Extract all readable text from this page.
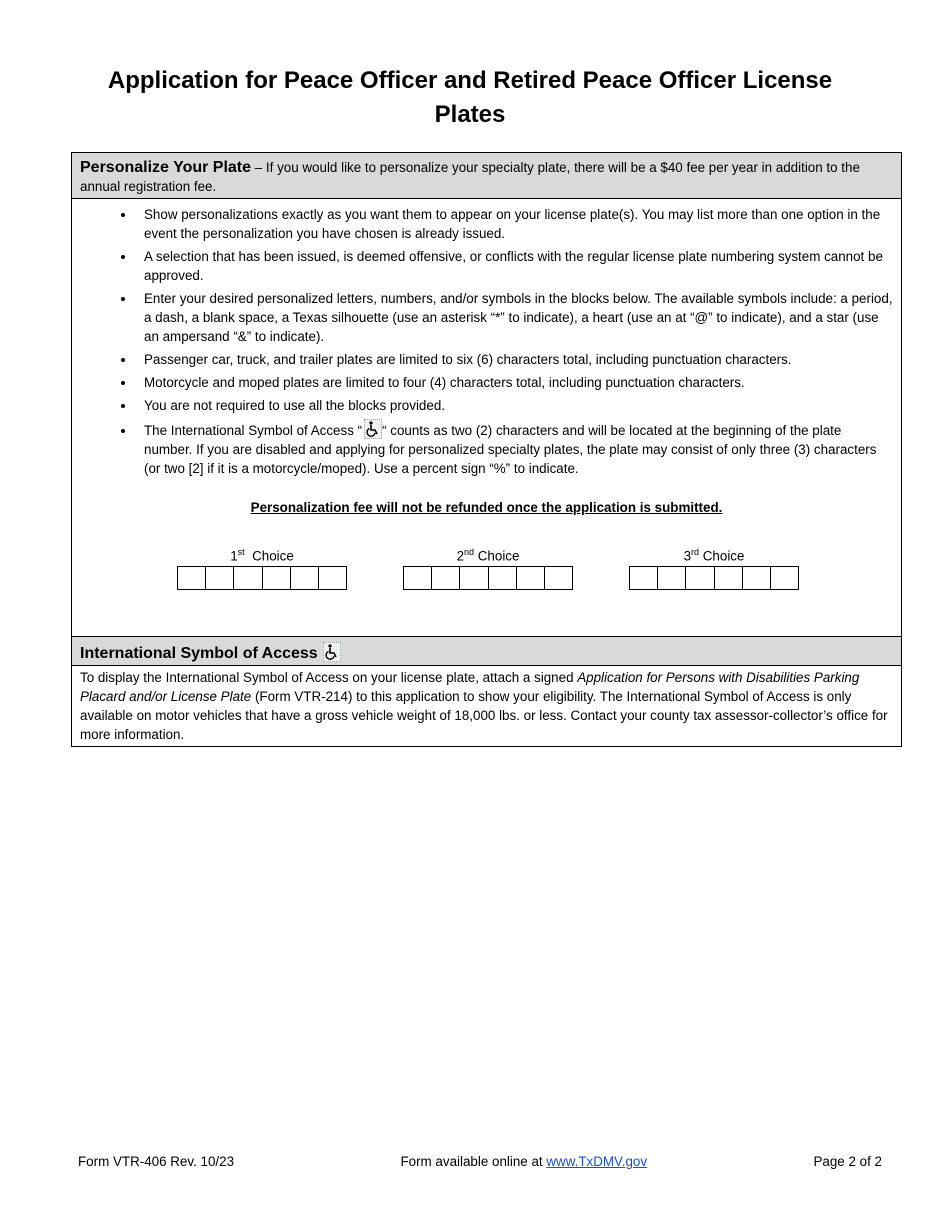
Application for Peace Officer and Retired Peace Officer License Plates
Personalize Your Plate – If you would like to personalize your specialty plate, there will be a $40 fee per year in addition to the annual registration fee.
• Show personalizations exactly as you want them to appear on your license plate(s). You may list more than one option in the event the personalization you have chosen is already issued.
• A selection that has been issued, is deemed offensive, or conflicts with the regular license plate numbering system cannot be approved.
• Enter your desired personalized letters, numbers, and/or symbols in the blocks below. The available symbols include: a period, a dash, a blank space, a Texas silhouette (use an asterisk “*” to indicate), a heart (use an at “@” to indicate), and a star (use an ampersand “&” to indicate).
• Passenger car, truck, and trailer plates are limited to six (6) characters total, including punctuation characters.
• Motorcycle and moped plates are limited to four (4) characters total, including punctuation characters.
• You are not required to use all the blocks provided.
• The International Symbol of Access “ “ counts as two (2) characters and will be located at the beginning of the plate number. If you are disabled and applying for personalized specialty plates, the plate may consist of only three (3) characters (or two [2] if it is a motorcycle/moped). Use a percent sign “%” to indicate.
Personalization fee will not be refunded once the application is submitted.
1st  Choice	2nd Choice	3rd Choice
International Symbol of Access
To display the International Symbol of Access on your license plate, attach a signed Application for Persons with Disabilities Parking Placard and/or License Plate (Form VTR-214) to this application to show your eligibility. The International Symbol of Access is only available on motor vehicles that have a gross vehicle weight of 18,000 lbs. or less. Contact your county tax assessor-collector’s office for more information.
Form VTR-406 Rev. 10/23	Form available online at www.TxDMV.gov	Page 2 of 2
